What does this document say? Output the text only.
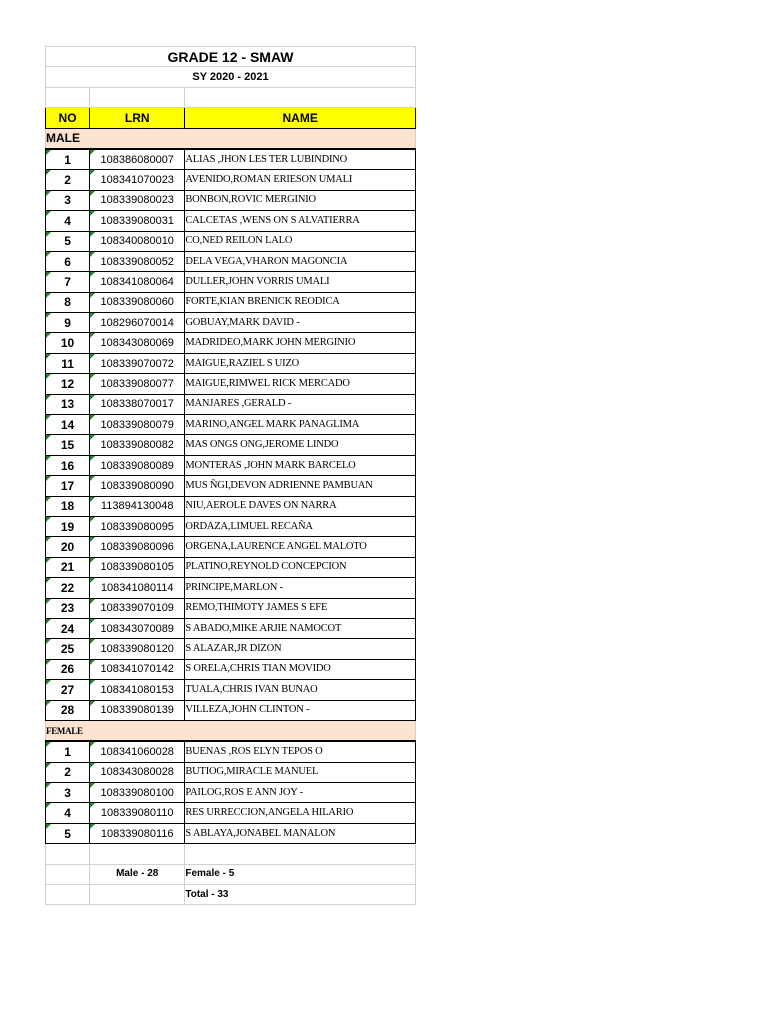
GRADE 12 - SMAW		
SY 2020 - 2021		

NO	LRN	NAME
MALE		
1	108386080007	ALIAS ,JHON LES TER LUBINDINO
2	108341070023	AVENIDO,ROMAN ERIESON UMALI
3	108339080023	BONBON,ROVIC MERGINIO
4	108339080031	CALCETAS ,WENS ON S ALVATIERRA
5	108340080010	CO,NED REILON LALO
6	108339080052	DELA VEGA,VHARON MAGONCIA
7	108341080064	DULLER,JOHN VORRIS UMALI
8	108339080060	FORTE,KIAN BRENICK REODICA
9	108296070014	GOBUAY,MARK DAVID -
10	108343080069	MADRIDEO,MARK JOHN MERGINIO
11	108339070072	MAIGUE,RAZIEL S UIZO
12	108339080077	MAIGUE,RIMWEL RICK MERCADO
13	108338070017	MANJARES ,GERALD -
14	108339080079	MARINO,ANGEL MARK PANAGLIMA
15	108339080082	MAS ONGS ONG,JEROME LINDO
16	108339080089	MONTERAS ,JOHN MARK BARCELO
17	108339080090	MUS ÑGI,DEVON ADRIENNE PAMBUAN
18	113894130048	NIU,AEROLE DAVES ON NARRA
19	108339080095	ORDAZA,LIMUEL RECAÑA
20	108339080096	ORGENA,LAURENCE ANGEL MALOTO
21	108339080105	PLATINO,REYNOLD CONCEPCION
22	108341080114	PRINCIPE,MARLON -
23	108339070109	REMO,THIMOTY JAMES S EFE
24	108343070089	S ABADO,MIKE ARJIE NAMOCOT
25	108339080120	S ALAZAR,JR DIZON
26	108341070142	S ORELA,CHRIS TIAN MOVIDO
27	108341080153	TUALA,CHRIS IVAN BUNAO
28	108339080139	VILLEZA,JOHN CLINTON -
FEMALE		
1	108341060028	BUENAS ,ROS ELYN TEPOS O
2	108343080028	BUTIOG,MIRACLE MANUEL
3	108339080100	PAILOG,ROS E ANN JOY -
4	108339080110	RES URRECCION,ANGELA HILARIO
5	108339080116	S ABLAYA,JONABEL MANALON

	Male - 28	Female - 5
		Total - 33
